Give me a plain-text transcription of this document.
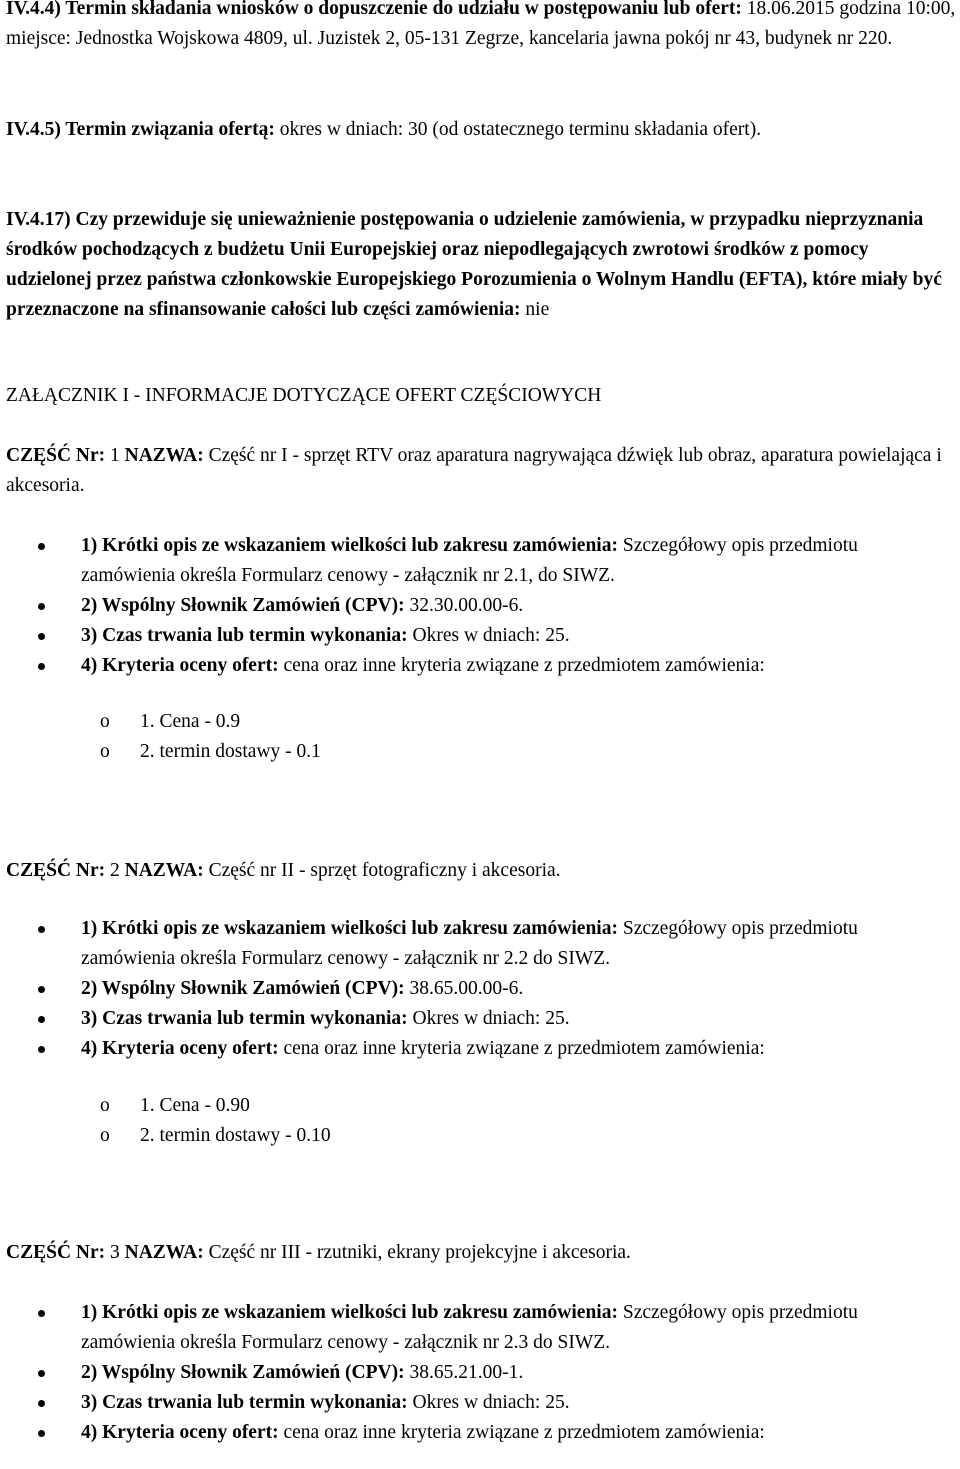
IV.4.4) Termin składania wniosków o dopuszczenie do udziału w postępowaniu lub ofert: 18.06.2015 godzina 10:00, miejsce: Jednostka Wojskowa 4809, ul. Juzistek 2, 05-131 Zegrze, kancelaria jawna pokój nr 43, budynek nr 220.
IV.4.5) Termin związania ofertą: okres w dniach: 30 (od ostatecznego terminu składania ofert).
IV.4.17) Czy przewiduje się unieważnienie postępowania o udzielenie zamówienia, w przypadku nieprzyznania środków pochodzących z budżetu Unii Europejskiej oraz niepodlegających zwrotowi środków z pomocy udzielonej przez państwa członkowskie Europejskiego Porozumienia o Wolnym Handlu (EFTA), które miały być przeznaczone na sfinansowanie całości lub części zamówienia: nie
ZAŁĄCZNIK I - INFORMACJE DOTYCZĄCE OFERT CZĘŚCIOWYCH
CZĘŚĆ Nr: 1 NAZWA: Część nr I - sprzęt RTV oraz aparatura nagrywająca dźwięk lub obraz, aparatura powielająca i akcesoria.
1) Krótki opis ze wskazaniem wielkości lub zakresu zamówienia: Szczegółowy opis przedmiotu zamówienia określa Formularz cenowy - załącznik nr 2.1, do SIWZ.
2) Wspólny Słownik Zamówień (CPV): 32.30.00.00-6.
3) Czas trwania lub termin wykonania: Okres w dniach: 25.
4) Kryteria oceny ofert: cena oraz inne kryteria związane z przedmiotem zamówienia:
o 1. Cena - 0.9
o 2. termin dostawy - 0.1
CZĘŚĆ Nr: 2 NAZWA: Część nr II - sprzęt fotograficzny i akcesoria.
1) Krótki opis ze wskazaniem wielkości lub zakresu zamówienia: Szczegółowy opis przedmiotu zamówienia określa Formularz cenowy - załącznik nr 2.2 do SIWZ.
2) Wspólny Słownik Zamówień (CPV): 38.65.00.00-6.
3) Czas trwania lub termin wykonania: Okres w dniach: 25.
4) Kryteria oceny ofert: cena oraz inne kryteria związane z przedmiotem zamówienia:
o 1. Cena - 0.90
o 2. termin dostawy - 0.10
CZĘŚĆ Nr: 3 NAZWA: Część nr III - rzutniki, ekrany projekcyjne i akcesoria.
1) Krótki opis ze wskazaniem wielkości lub zakresu zamówienia: Szczegółowy opis przedmiotu zamówienia określa Formularz cenowy - załącznik nr 2.3 do SIWZ.
2) Wspólny Słownik Zamówień (CPV): 38.65.21.00-1.
3) Czas trwania lub termin wykonania: Okres w dniach: 25.
4) Kryteria oceny ofert: cena oraz inne kryteria związane z przedmiotem zamówienia:
